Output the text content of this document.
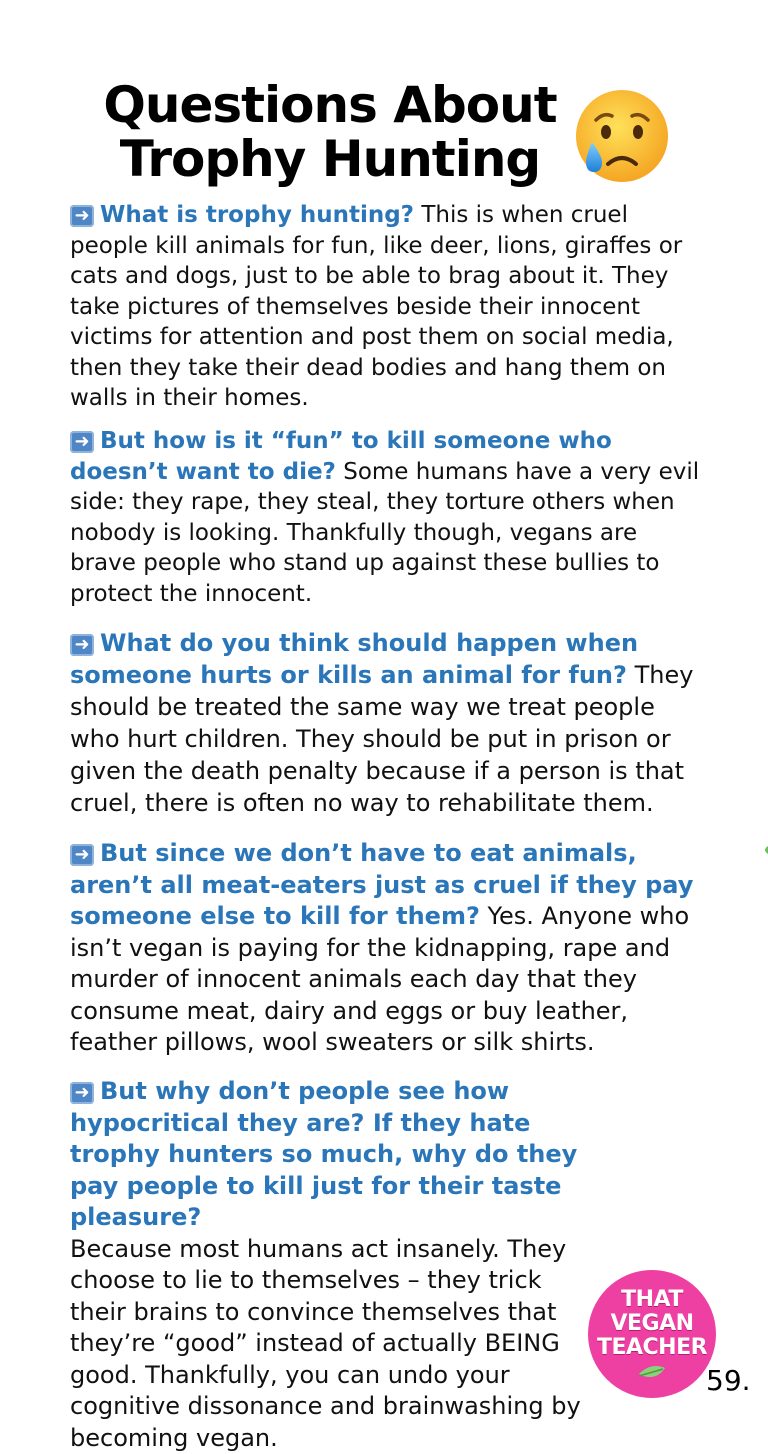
Questions About
Trophy Hunting

➜ What is trophy hunting? This is when cruel people kill animals for fun, like deer, lions, giraffes or cats and dogs, just to be able to brag about it. They take pictures of themselves beside their innocent victims for attention and post them on social media, then they take their dead bodies and hang them on walls in their homes.

➜ But how is it “fun” to kill someone who doesn’t want to die? Some humans have a very evil side: they rape, they steal, they torture others when nobody is looking. Thankfully though, vegans are brave people who stand up against these bullies to protect the innocent.

➜ What do you think should happen when someone hurts or kills an animal for fun? They should be treated the same way we treat people who hurt children. They should be put in prison or given the death penalty because if a person is that cruel, there is often no way to rehabilitate them.

➜ But since we don’t have to eat animals, aren’t all meat-eaters just as cruel if they pay someone else to kill for them? Yes. Anyone who isn’t vegan is paying for the kidnapping, rape and murder of innocent animals each day that they consume meat, dairy and eggs or buy leather, feather pillows, wool sweaters or silk shirts.

➜ But why don’t people see how hypocritical they are? If they hate trophy hunters so much, why do they pay people to kill just for their taste pleasure?
Because most humans act insanely. They choose to lie to themselves – they trick their brains to convince themselves that they’re “good” instead of actually BEING good. Thankfully, you can undo your cognitive dissonance and brainwashing by becoming vegan.

THAT
VEGAN
TEACHER
59.
